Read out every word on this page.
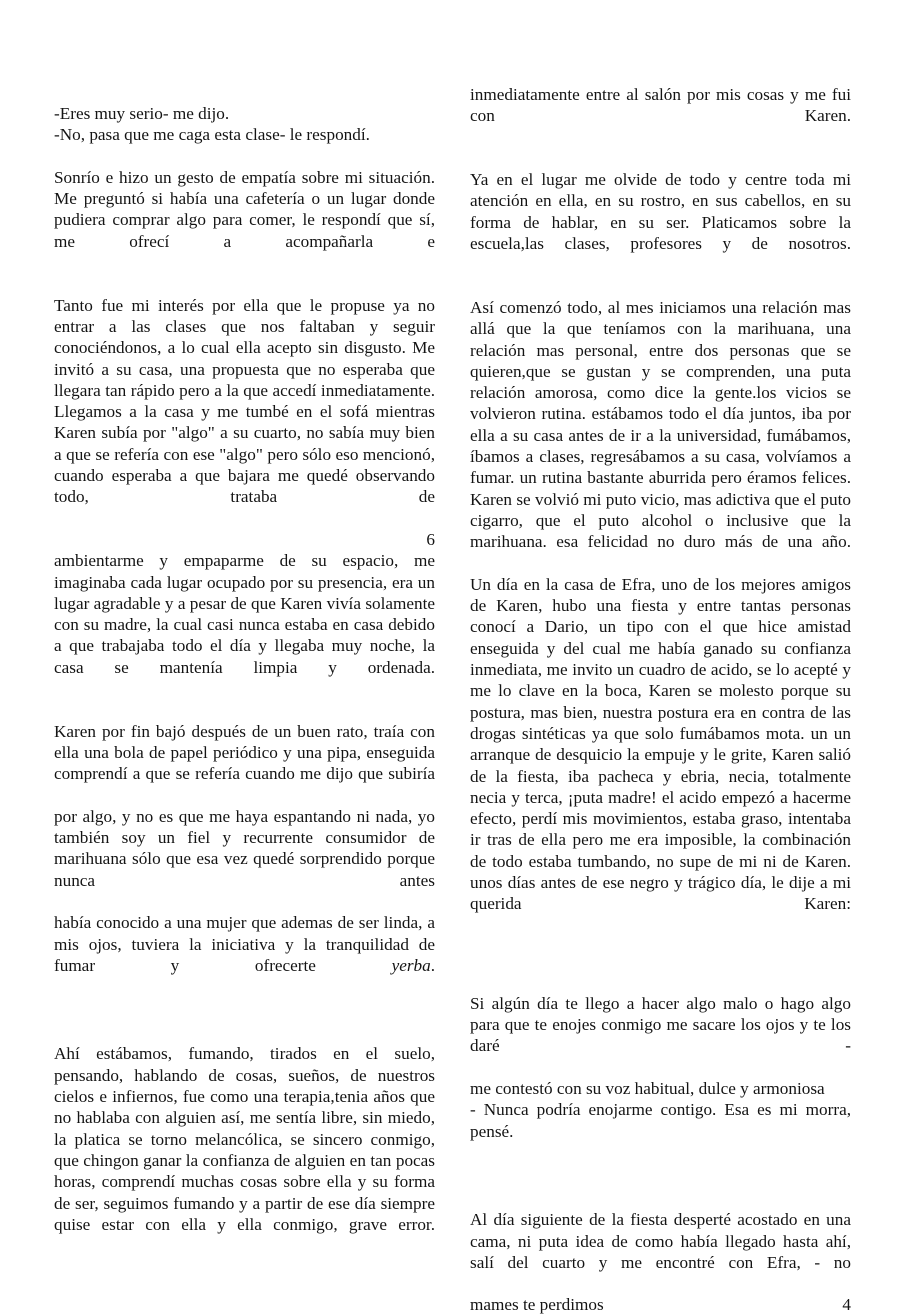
-Eres muy serio- me dijo.

-No, pasa que me caga esta clase- le respondí.

Sonrío e hizo un gesto de empatía sobre mi situación. Me preguntó si había una cafetería o un lugar donde pudiera comprar algo para comer, le respondí que sí, me ofrecí a acompañarla e

Tanto fue mi interés por ella que le propuse ya no entrar a las clases que nos faltaban y seguir conociéndonos, a lo cual ella acepto sin disgusto. Me invitó a su casa, una propuesta que no esperaba que llegara tan rápido pero a la que accedí inmediatamente. Llegamos a la casa y me tumbé en el sofá mientras Karen subía por "algo" a su cuarto, no sabía muy bien a que se refería con ese "algo" pero sólo eso mencionó, cuando esperaba a que bajara me quedé observando todo, trataba de

6

ambientarme y empaparme de su espacio, me imaginaba cada lugar ocupado por su presencia, era un lugar agradable y a pesar de que Karen vivía solamente con su madre, la cual casi nunca estaba en casa debido a que trabajaba todo el día y llegaba muy noche, la casa se mantenía limpia y ordenada.

Karen por fin bajó después de un buen rato, traía con ella una bola de papel periódico y una pipa, enseguida comprendí a que se refería cuando me dijo que subiría

por algo, y no es que me haya espantando ni nada, yo también soy un fiel y recurrente consumidor de marihuana sólo que esa vez quedé sorprendido porque nunca antes

había conocido a una mujer que ademas de ser linda, a mis ojos, tuviera la iniciativa y la tranquilidad de fumar y ofrecerte yerba.

Ahí estábamos, fumando, tirados en el suelo, pensando, hablando de cosas, sueños, de nuestros cielos e infiernos, fue como una terapia,tenia años que no hablaba con alguien así, me sentía libre, sin miedo, la platica se torno melancólica, se sincero conmigo, que chingon ganar la confianza de alguien en tan pocas horas, comprendí muchas cosas sobre ella y su forma de ser, seguimos fumando y a partir de ese día siempre quise estar con ella y ella conmigo, grave error.

inmediatamente entre al salón por mis cosas y me fui con Karen.

Ya en el lugar me olvide de todo y centre toda mi atención en ella, en su rostro, en sus cabellos, en su forma de hablar, en su ser. Platicamos sobre la escuela,las clases, profesores y de nosotros.

Así comenzó todo, al mes iniciamos una relación mas allá que la que teníamos con la marihuana, una relación mas personal, entre dos personas que se quieren,que se gustan y se comprenden, una puta relación amorosa, como dice la gente.los vicios se volvieron rutina. estábamos todo el día juntos, iba por ella a su casa antes de ir a la universidad, fumábamos, íbamos a clases, regresábamos a su casa, volvíamos a fumar. un rutina bastante aburrida pero éramos felices. Karen se volvió mi puto vicio, mas adictiva que el puto cigarro, que el puto alcohol o inclusive que la marihuana. esa felicidad no duro más de una año.

Un día en la casa de Efra, uno de los mejores amigos de Karen, hubo una fiesta y entre tantas personas conocí a Dario, un tipo con el que hice amistad enseguida y del cual me había ganado su confianza inmediata, me invito un cuadro de acido, se lo acepté y me lo clave en la boca, Karen se molesto porque su postura, mas bien, nuestra postura era en contra de las drogas sintéticas ya que solo fumábamos mota. un un arranque de desquicio la empuje y le grite, Karen salió de la fiesta, iba pacheca y ebria, necia, totalmente necia y terca, ¡puta madre! el acido empezó a hacerme efecto, perdí mis movimientos, estaba graso, intentaba ir tras de ella pero me era imposible, la combinación de todo estaba tumbando, no supe de mi ni de Karen. unos días antes de ese negro y trágico día, le dije a mi querida Karen:

Si algún día te llego a hacer algo malo o hago algo para que te enojes conmigo me sacare los ojos y te los daré -

me contestó con su voz habitual, dulce y armoniosa

- Nunca podría enojarme contigo. Esa es mi morra, pensé.

Al día siguiente de la fiesta desperté acostado en una cama, ni puta idea de como había llegado hasta ahí, salí del cuarto y me encontré con Efra, - no

mames te perdimos	4
